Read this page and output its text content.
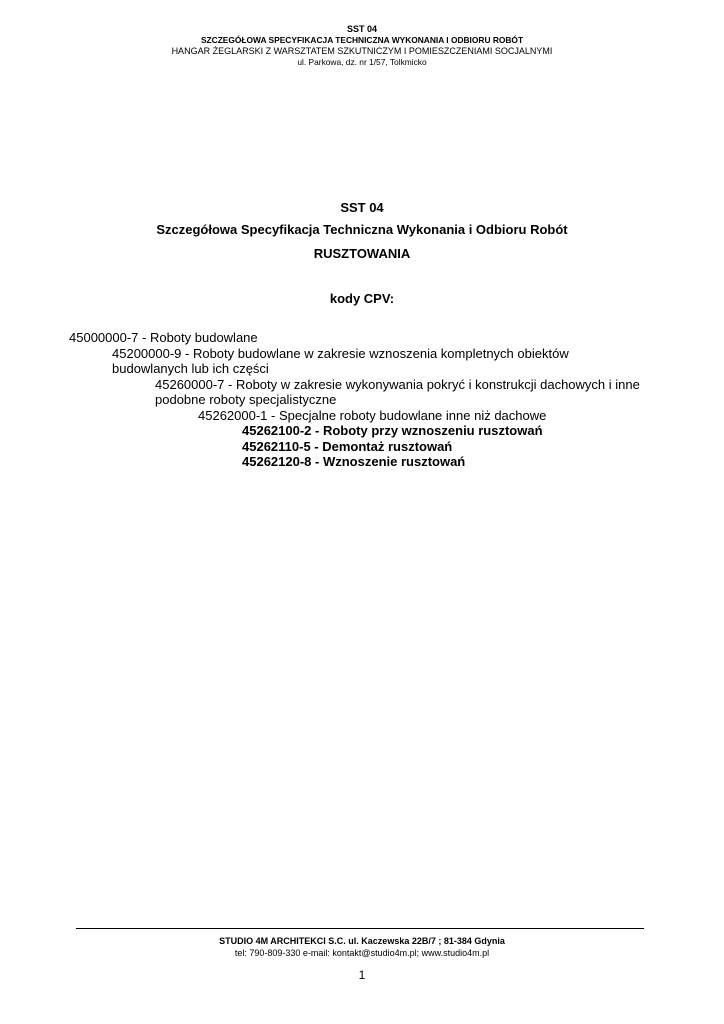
SST 04
SZCZEGÓŁOWA SPECYFIKACJA TECHNICZNA WYKONANIA I ODBIORU ROBÓT
HANGAR ŻEGLARSKI Z WARSZTATEM SZKUTNICZYM I POMIESZCZENIAMI SOCJALNYMI
ul. Parkowa, dz. nr 1/57, Tolkmicko
SST 04
Szczegółowa Specyfikacja Techniczna Wykonania i Odbioru Robót
RUSZTOWANIA
kody CPV:
45000000-7 - Roboty budowlane
45200000-9 - Roboty budowlane w zakresie wznoszenia kompletnych obiektów budowlanych lub ich części
45260000-7 - Roboty w zakresie wykonywania pokryć i konstrukcji dachowych i inne podobne roboty specjalistyczne
45262000-1 - Specjalne roboty budowlane inne niż dachowe
45262100-2 - Roboty przy wznoszeniu rusztowań
45262110-5 - Demontaż rusztowań
45262120-8 - Wznoszenie rusztowań
STUDIO 4M ARCHITEKCI S.C. ul. Kaczewska 22B/7 ; 81-384 Gdynia
tel: 790-809-330 e-mail: kontakt@studio4m.pl; www.studio4m.pl
1
